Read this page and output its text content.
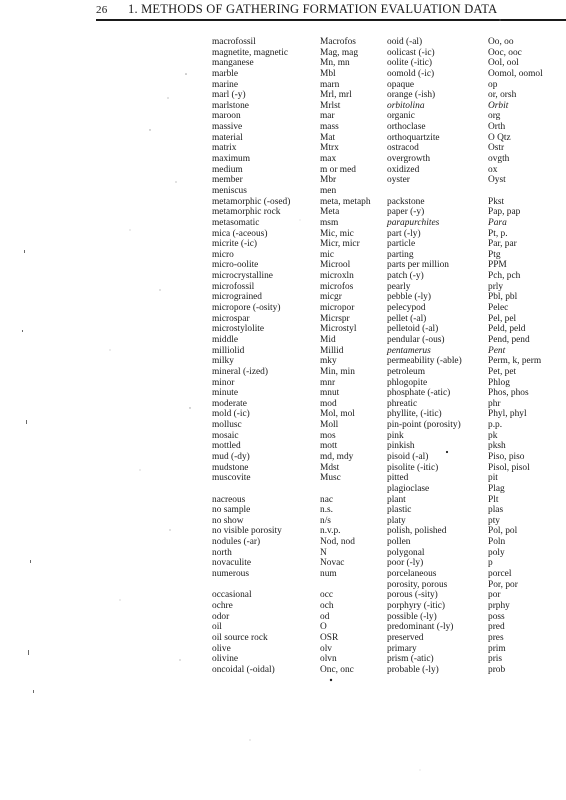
26 1. METHODS OF GATHERING FORMATION EVALUATION DATA
macrofossil	Macrofos
magnetite, magnetic	Mag, mag
manganese	Mn, mn
marble	Mbl
marine	marn
marl (-y)	Mrl, mrl
marlstone	Mrlst
maroon	mar
massive	mass
material	Mat
matrix	Mtrx
maximum	max
medium	m or med
member	Mbr
meniscus	men
metamorphic (-osed)	meta, metaph
metamorphic rock	Meta
metasomatic	msm
mica (-aceous)	Mic, mic
micrite (-ic)	Micr, micr
micro	mic
micro-oolite	Microol
microcrystalline	microxln
microfossil	microfos
micrograined	micgr
micropore (-osity)	micropor
microspar	Micrspr
microstylolite	Microstyl
middle	Mid
milliolid	Millid
milky	mky
mineral (-ized)	Min, min
minor	mnr
minute	mnut
moderate	mod
mold (-ic)	Mol, mol
mollusc	Moll
mosaic	mos
mottled	mott
mud (-dy)	md, mdy
mudstone	Mdst
muscovite	Musc
nacreous	nac
no sample	n.s.
no show	n/s
no visible porosity	n.v.p.
nodules (-ar)	Nod, nod
north	N
novaculite	Novac
numerous	num
occasional	occ
ochre	och
odor	od
oil	O
oil source rock	OSR
olive	olv
olivine	olvn
oncoidal (-oidal)	Onc, onc
ooid (-al)	Oo, oo
oolicast (-ic)	Ooc, ooc
oolite (-itic)	Ool, ool
oomold (-ic)	Oomol, oomol
opaque	op
orange (-ish)	or, orsh
orbitolina	Orbit
organic	org
orthoclase	Orth
orthoquartzite	O Qtz
ostracod	Ostr
overgrowth	ovgth
oxidized	ox
oyster	Oyst
packstone	Pkst
paper (-y)	Pap, pap
parapurchites	Para
part (-ly)	Pt, p.
particle	Par, par
parting	Ptg
parts per million	PPM
patch (-y)	Pch, pch
pearly	prly
pebble (-ly)	Pbl, pbl
pelecypod	Pelec
pellet (-al)	Pel, pel
pelletoid (-al)	Peld, peld
pendular (-ous)	Pend, pend
pentamerus	Pent
permeability (-able)	Perm, k, perm
petroleum	Pet, pet
phlogopite	Phlog
phosphate (-atic)	Phos, phos
phreatic	phr
phyllite, (-itic)	Phyl, phyl
pin-point (porosity)	p.p.
pink	pk
pinkish	pksh
pisoid (-al)	Piso, piso
pisolite (-itic)	Pisol, pisol
pitted	pit
plagioclase	Plag
plant	Plt
plastic	plas
platy	pty
polish, polished	Pol, pol
pollen	Poln
polygonal	poly
poor (-ly)	p
porcelaneous	porcel
porosity, porous	Por, por
porous (-sity)	por
porphyry (-itic)	prphy
possible (-ly)	poss
predominant (-ly)	pred
preserved	pres
primary	prim
prism (-atic)	pris
probable (-ly)	prob
